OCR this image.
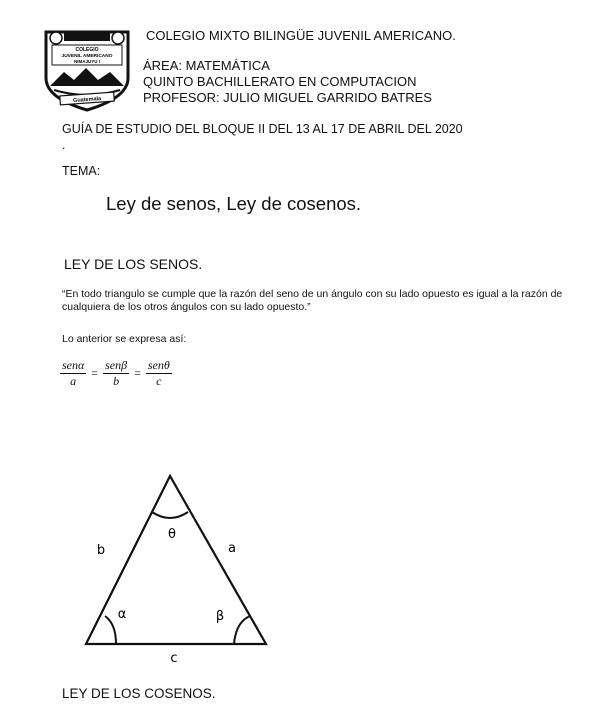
COLEGIO
JUVENIL AMERICANO
NIMAJUYU I
Guatemala
COLEGIO MIXTO BILINGÜE JUVENIL AMERICANO.
ÁREA: MATEMÁTICA
QUINTO BACHILLERATO EN COMPUTACION
PROFESOR: JULIO MIGUEL GARRIDO BATRES
GUÍA DE ESTUDIO DEL BLOQUE II DEL 13 AL 17 DE ABRIL DEL 2020
.
TEMA:
Ley de senos, Ley de cosenos.
LEY DE LOS SENOS.
“En todo triangulo se cumple que la razón del seno de un ángulo con su lado opuesto es igual a la razón de cualquiera de los otros ángulos con su lado opuesto.”
Lo anterior se expresa así:
$\frac{\text{senα}}{a} = \frac{\text{senβ}}{b} = \frac{\text{senθ}}{c}$
θ
α	β
b	a
c
LEY DE LOS COSENOS.
